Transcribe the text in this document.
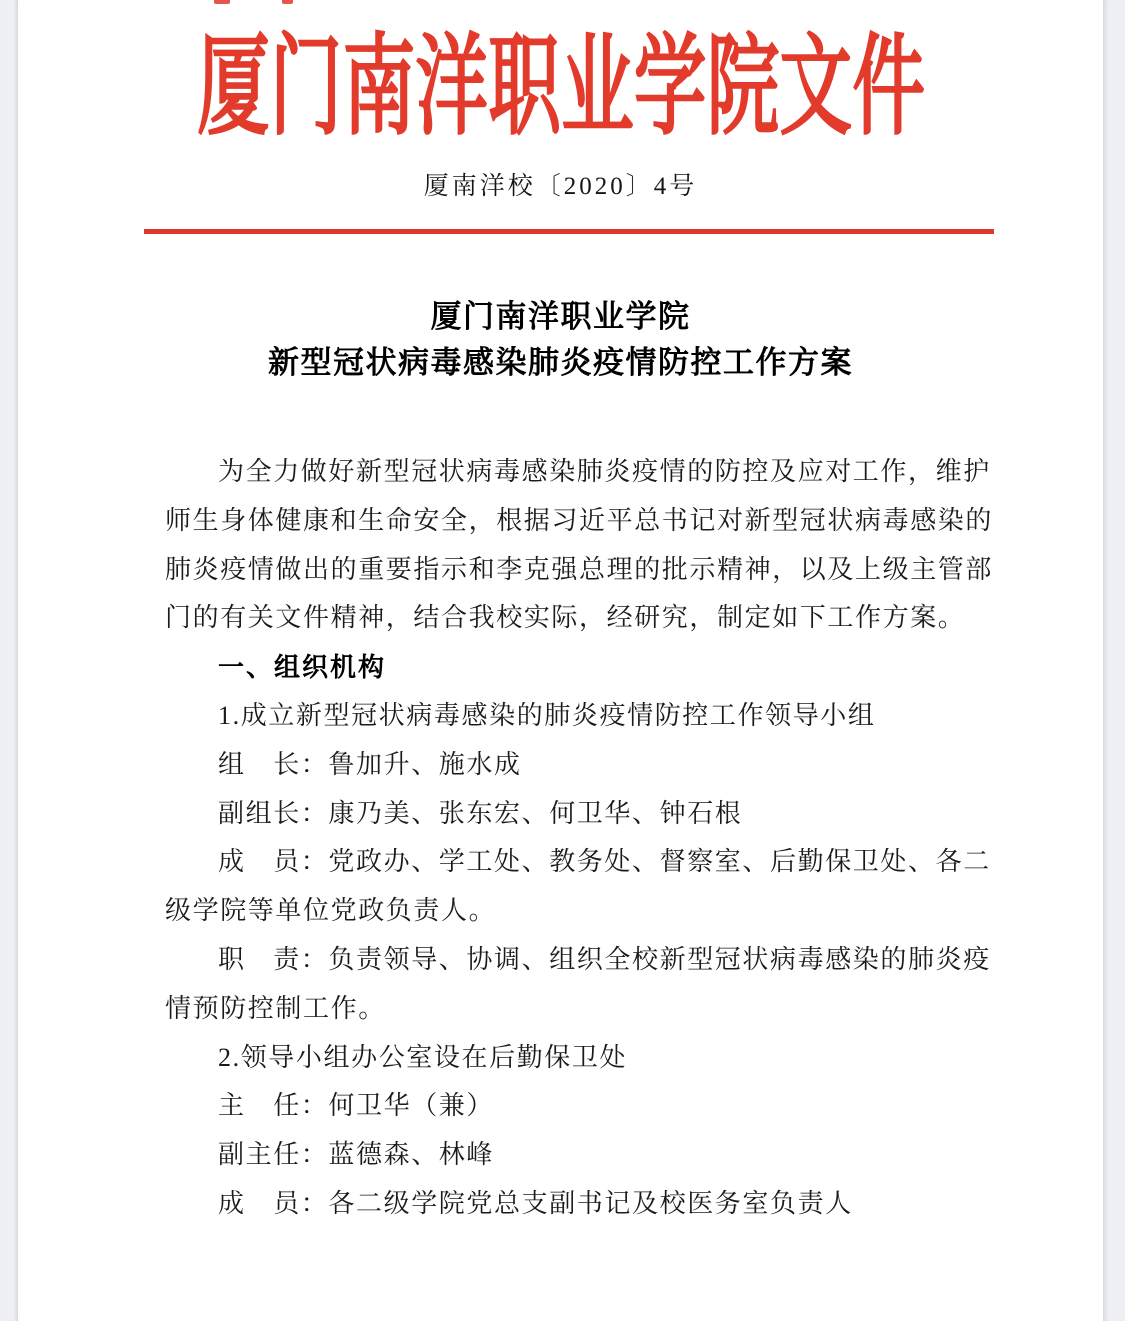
厦门南洋职业学院文件
厦南洋校〔2020〕4号
厦门南洋职业学院
新型冠状病毒感染肺炎疫情防控工作方案
为全力做好新型冠状病毒感染肺炎疫情的防控及应对工作，维护
师生身体健康和生命安全，根据习近平总书记对新型冠状病毒感染的
肺炎疫情做出的重要指示和李克强总理的批示精神，以及上级主管部
门的有关文件精神，结合我校实际，经研究，制定如下工作方案。
一、组织机构
1.成立新型冠状病毒感染的肺炎疫情防控工作领导小组
组　长：鲁加升、施水成
副组长：康乃美、张东宏、何卫华、钟石根
成　员：党政办、学工处、教务处、督察室、后勤保卫处、各二
级学院等单位党政负责人。
职　责：负责领导、协调、组织全校新型冠状病毒感染的肺炎疫
情预防控制工作。
2.领导小组办公室设在后勤保卫处
主　任：何卫华（兼）
副主任：蓝德森、林峰
成　员：各二级学院党总支副书记及校医务室负责人
